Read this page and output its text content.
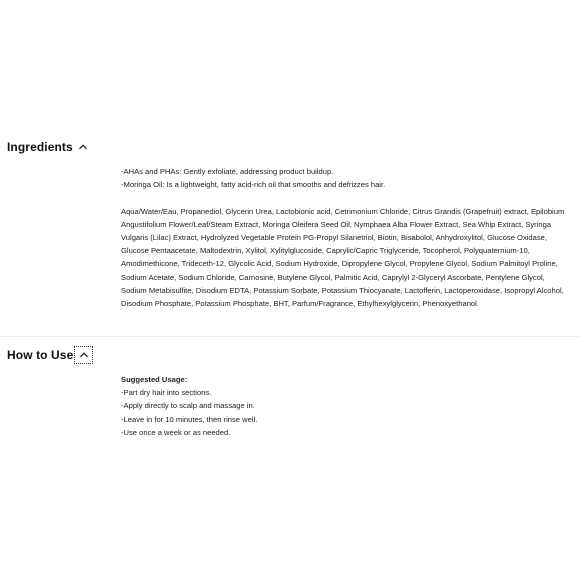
Ingredients

-AHAs and PHAs: Gently exfoliate, addressing product buildup.

-Moringa Oil: Is a lightweight, fatty acid-rich oil that smooths and defrizzes hair.

Aqua/Water/Eau, Propanediol, Glycerin Urea, Lactobionic acid, Cetrimonium Chloride, Citrus Grandis (Grapefruit) extract, Epilobium Angustifolium Flower/Leaf/Steam Extract, Moringa Oleifera Seed Oil, Nymphaea Alba Flower Extract, Sea Whip Extract, Syringa Vulgaris (Lilac) Extract, Hydrolyzed Vegetable Protein PG-Propyl Silanetriol, Biotin, Bisabolol, Anhydroxylitol, Glucose Oxidase, Glucose Pentaacetate, Maltodextrin, Xylitol, Xylitylglucoside, Caprylic/Capric Triglyceride, Tocopherol, Polyquaternium-10, Amodimethicone, Trideceth-12, Glycolic Acid, Sodium Hydroxide, Dipropylene Glycol, Propylene Glycol, Sodium Palmitoyl Proline, Sodium Acetate, Sodium Chloride, Carnosine, Butylene Glycol, Palmitic Acid, Caprylyl 2-Glyceryl Ascorbate, Pentylene Glycol, Sodium Metabisulfite, Disodium EDTA, Potassium Sorbate, Potassium Thiocyanate, Lactofferin, Lactoperoxidase, Isopropyl Alcohol, Disodium Phosphate, Potassium Phosphate, BHT, Parfum/Fragrance, Ethylhexylglycerin, Phenoxyethanol.

How to Use

Suggested Usage:

-Part dry hair into sections.

-Apply directly to scalp and massage in.

-Leave in for 10 minutes, then rinse well.

-Use once a week or as needed.
